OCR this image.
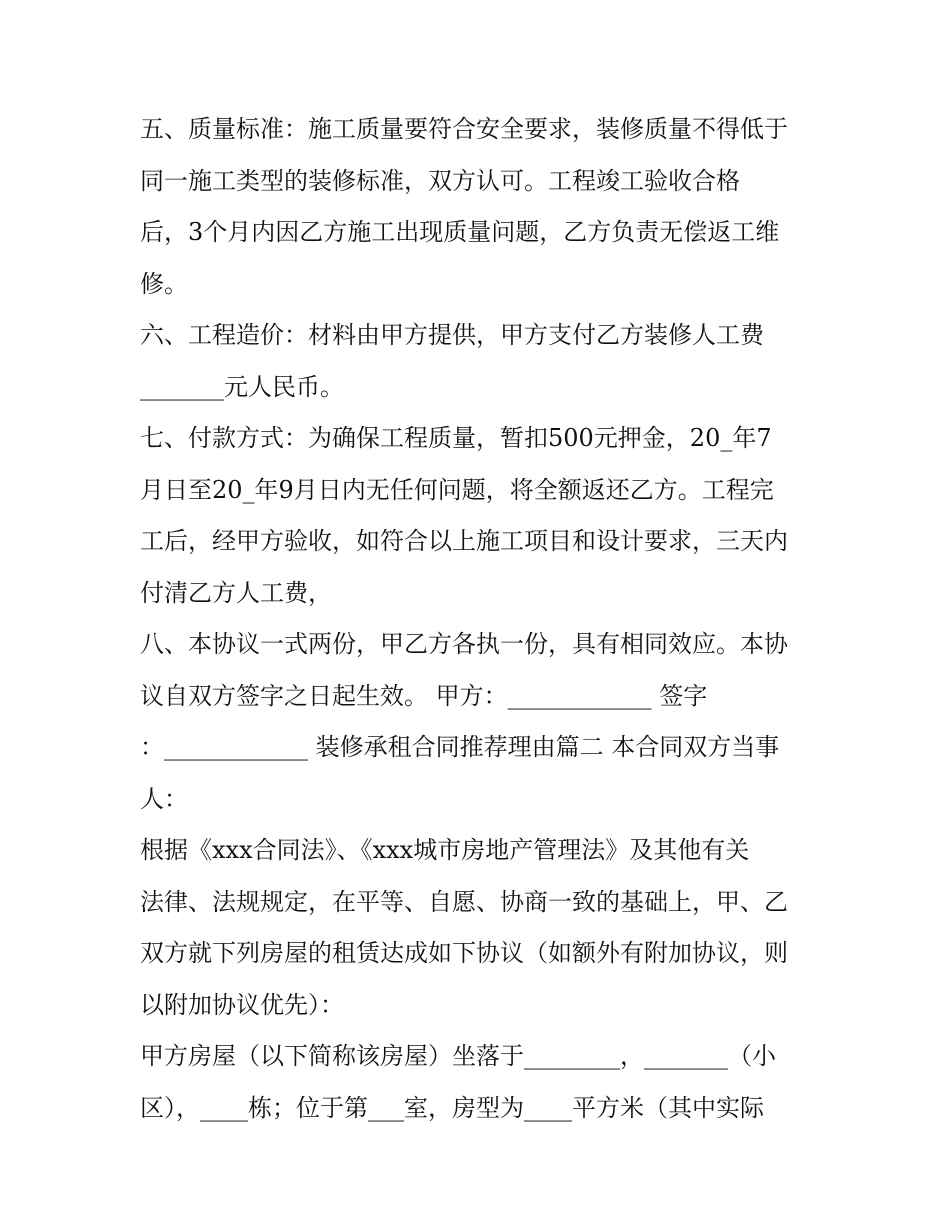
五、质量标准：施工质量要符合安全要求，装修质量不得低于
同一施工类型的装修标准，双方认可。工程竣工验收合格
后，3个月内因乙方施工出现质量问题，乙方负责无偿返工维
修。
六、工程造价：材料由甲方提供，甲方支付乙方装修人工费
_______元人民币。
七、付款方式：为确保工程质量，暂扣500元押金，20_年7
月日至20_年9月日内无任何问题，将全额返还乙方。工程完
工后，经甲方验收，如符合以上施工项目和设计要求，三天内
付清乙方人工费，
八、本协议一式两份，甲乙方各执一份，具有相同效应。本协
议自双方签字之日起生效。 甲方：____________ 签字
：____________ 装修承租合同推荐理由篇二 本合同双方当事
人：
根据《xxx合同法》、《xxx城市房地产管理法》及其他有关
法律、法规规定，在平等、自愿、协商一致的基础上，甲、乙
双方就下列房屋的租赁达成如下协议（如额外有附加协议，则
以附加协议优先）：
甲方房屋（以下简称该房屋）坐落于________，_______（小
区），____栋；位于第___室，房型为____平方米（其中实际
